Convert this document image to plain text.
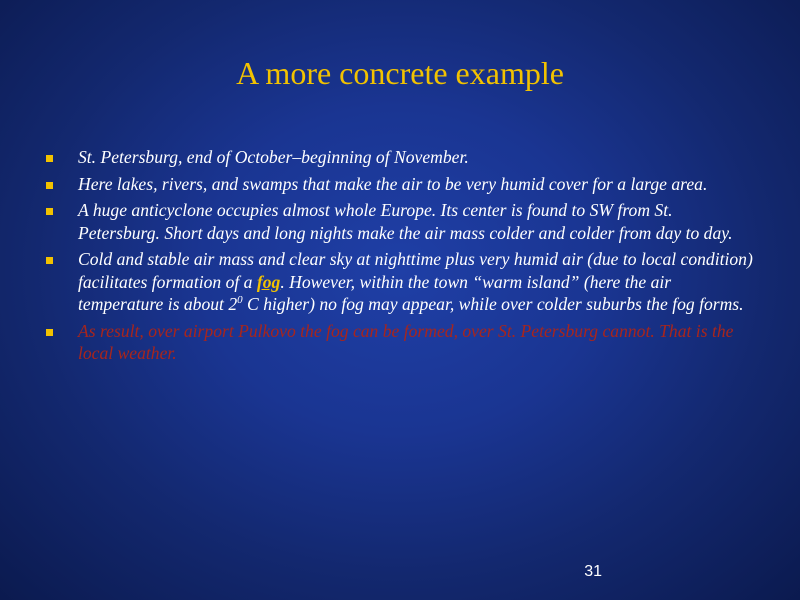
A more concrete example
St. Petersburg, end of October–beginning of November.
Here lakes, rivers, and swamps that make the air to be very humid cover for a large area.
A huge anticyclone occupies almost whole Europe. Its center is found to SW from St. Petersburg. Short days and long nights make the air mass colder and colder from day to day.
Cold and stable air mass and clear sky at nighttime plus very humid air (due to local condition) facilitates formation of a fog. However, within the town “warm island” (here the air temperature is about $2^0$ C higher) no fog may appear, while over colder suburbs the fog forms.
As result, over airport Pulkovo the fog can be formed, over St. Petersburg cannot. That is the local weather.
31
